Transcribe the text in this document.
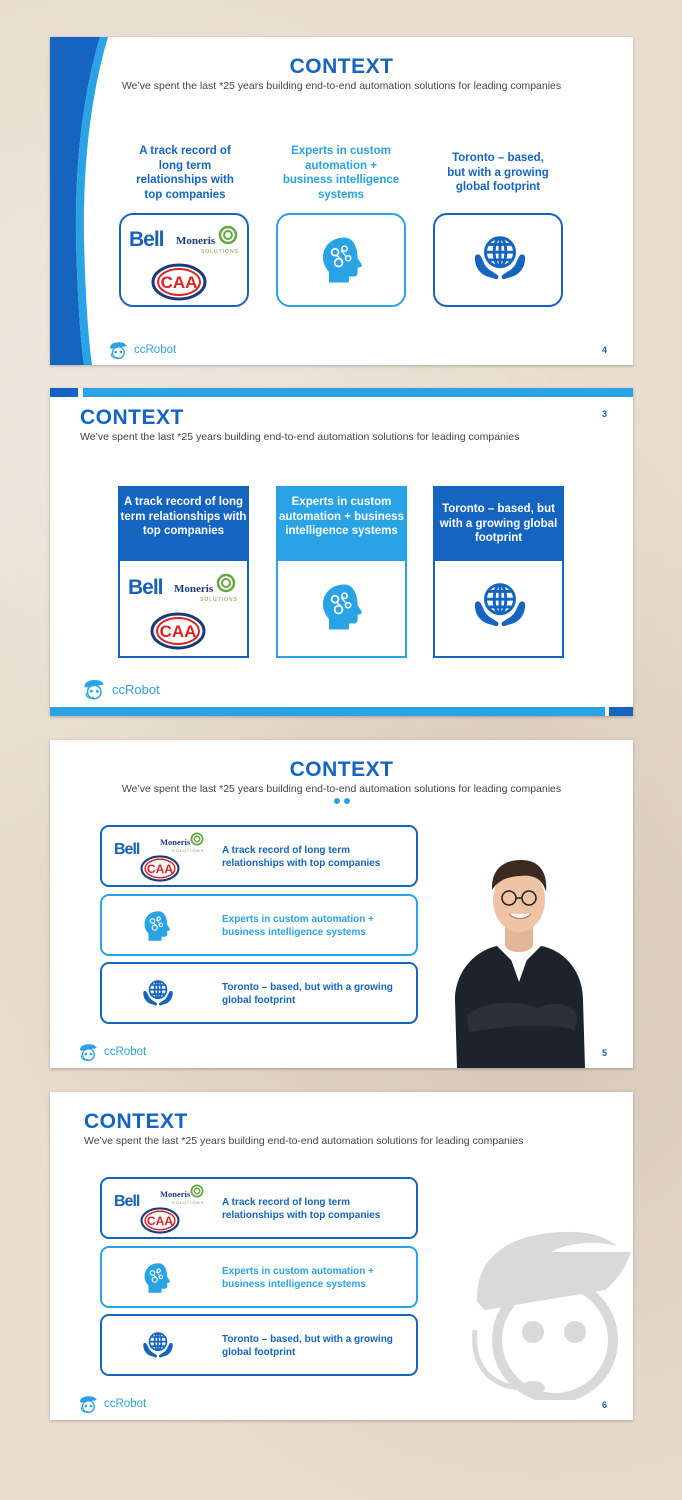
CONTEXT
We’ve spent the last *25 years building end-to-end automation solutions for leading companies
A track record of long term relationships with top companies
Experts in custom automation + business intelligence systems
Toronto – based, but with a growing global footprint
Bell Moneris
SOLUTIONS
CAA
ccRobot	4
CONTEXT
We’ve spent the last *25 years building end-to-end automation solutions for leading companies
3
A track record of long term relationships with top companies
Bell Moneris
SOLUTIONS
CAA
Experts in custom automation + business intelligence systems
Toronto – based, but with a growing global footprint
ccRobot
CONTEXT
We’ve spent the last *25 years building end-to-end automation solutions for leading companies
Bell Moneris
SOLUTIONS
CAA
A track record of long term relationships with top companies
Experts in custom automation + business intelligence systems
Toronto – based, but with a growing global footprint
ccRobot	5
CONTEXT
We’ve spent the last *25 years building end-to-end automation solutions for leading companies
Bell Moneris
SOLUTIONS
CAA
A track record of long term relationships with top companies
Experts in custom automation + business intelligence systems
Toronto – based, but with a growing global footprint
ccRobot	6
